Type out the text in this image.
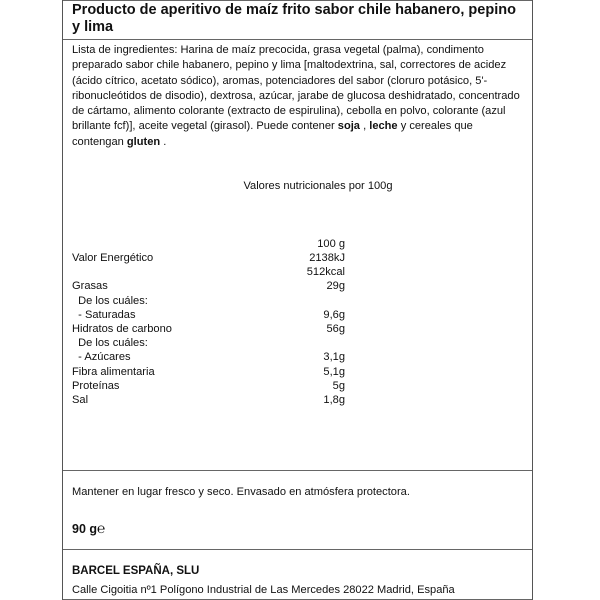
Producto de aperitivo de maíz frito sabor chile habanero, pepino y lima
Lista de ingredientes: Harina de maíz precocida, grasa vegetal (palma), condimento preparado sabor chile habanero, pepino y lima [maltodextrina, sal, correctores de acidez (ácido cítrico, acetato sódico), aromas, potenciadores del sabor (cloruro potásico, 5'-ribonucleótidos de disodio), dextrosa, azúcar, jarabe de glucosa deshidratado, concentrado de cártamo, alimento colorante (extracto de espirulina), cebolla en polvo, colorante (azul brillante fcf)], aceite vegetal (girasol). Puede contener soja , leche y cereales que contengan gluten .
Valores nutricionales por 100g
100 g
Valor Energético	2138kJ
512kcal
Grasas	29g
De los cuáles:
- Saturadas	9,6g
Hidratos de carbono	56g
De los cuáles:
- Azúcares	3,1g
Fibra alimentaria	5,1g
Proteínas	5g
Sal	1,8g
Mantener en lugar fresco y seco. Envasado en atmósfera protectora.
90 g℮
BARCEL ESPAÑA, SLU
Calle Cigoitia nº1 Polígono Industrial de Las Mercedes 28022 Madrid, España
